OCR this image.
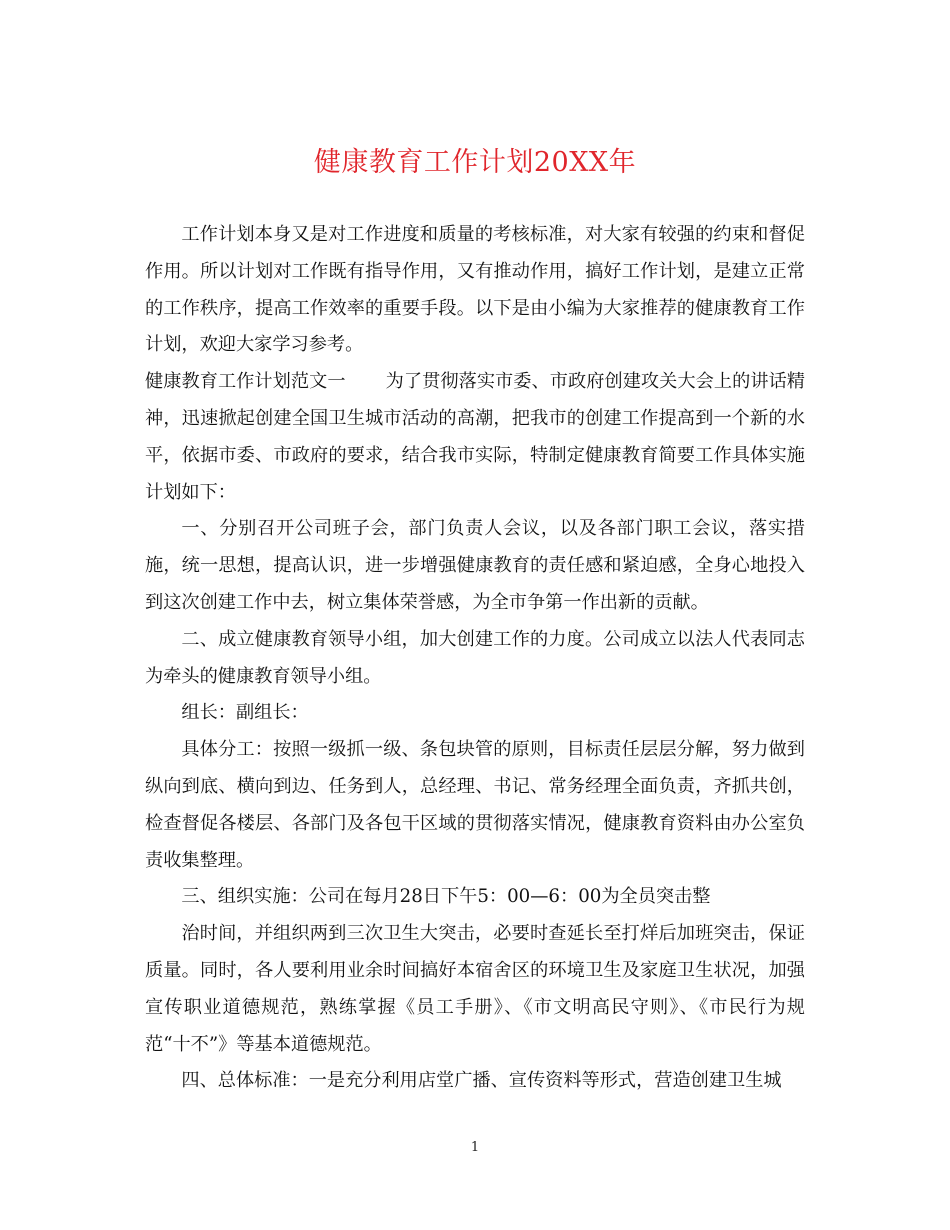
健康教育工作计划20XX年

工作计划本身又是对工作进度和质量的考核标准，对大家有较强的约束和督促作用。所以计划对工作既有指导作用，又有推动作用，搞好工作计划，是建立正常的工作秩序，提高工作效率的重要手段。以下是由小编为大家推荐的健康教育工作计划，欢迎大家学习参考。

健康教育工作计划范文一 为了贯彻落实市委、市政府创建攻关大会上的讲话精神，迅速掀起创建全国卫生城市活动的高潮，把我市的创建工作提高到一个新的水平，依据市委、市政府的要求，结合我市实际，特制定健康教育简要工作具体实施计划如下：

一、分别召开公司班子会，部门负责人会议，以及各部门职工会议，落实措施，统一思想，提高认识，进一步增强健康教育的责任感和紧迫感，全身心地投入到这次创建工作中去，树立集体荣誉感，为全市争第一作出新的贡献。

二、成立健康教育领导小组，加大创建工作的力度。公司成立以法人代表同志为牵头的健康教育领导小组。

组长：副组长：

具体分工：按照一级抓一级、条包块管的原则，目标责任层层分解，努力做到纵向到底、横向到边、任务到人，总经理、书记、常务经理全面负责，齐抓共创，检查督促各楼层、各部门及各包干区域的贯彻落实情况，健康教育资料由办公室负责收集整理。

三、组织实施：公司在每月28日下午5：00—6：00为全员突击整

治时间，并组织两到三次卫生大突击，必要时查延长至打烊后加班突击，保证质量。同时，各人要利用业余时间搞好本宿舍区的环境卫生及家庭卫生状况，加强宣传职业道德规范，熟练掌握《员工手册》、《市文明高民守则》、《市民行为规范“十不”》等基本道德规范。

四、总体标准：一是充分利用店堂广播、宣传资料等形式，营造创建卫生城

1
